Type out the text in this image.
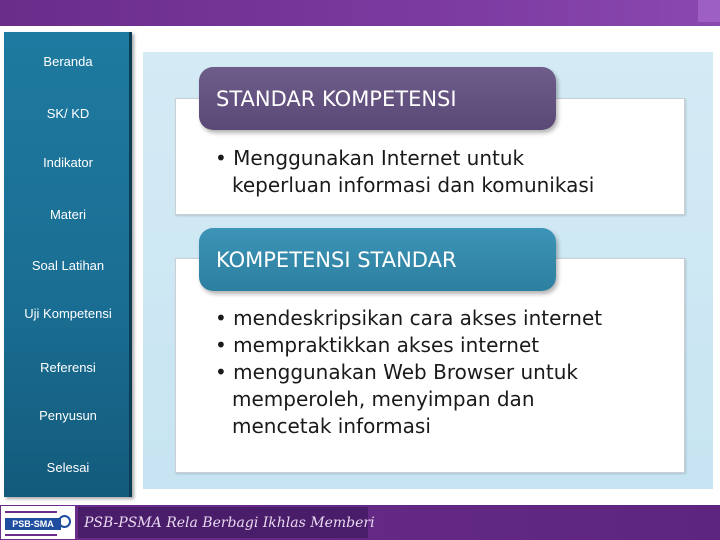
Beranda
SK/ KD
Indikator
Materi
Soal Latihan
Uji Kompetensi
Referensi
Penyusun
Selesai
STANDAR KOMPETENSI
• Menggunakan Internet untuk
keperluan informasi dan komunikasi
KOMPETENSI STANDAR
• mendeskripsikan cara akses internet
• mempraktikkan akses internet
• menggunakan Web Browser untuk
memperoleh, menyimpan dan
mencetak informasi
PSB-SMA	PSB-PSMA Rela Berbagi Ikhlas Memberi
